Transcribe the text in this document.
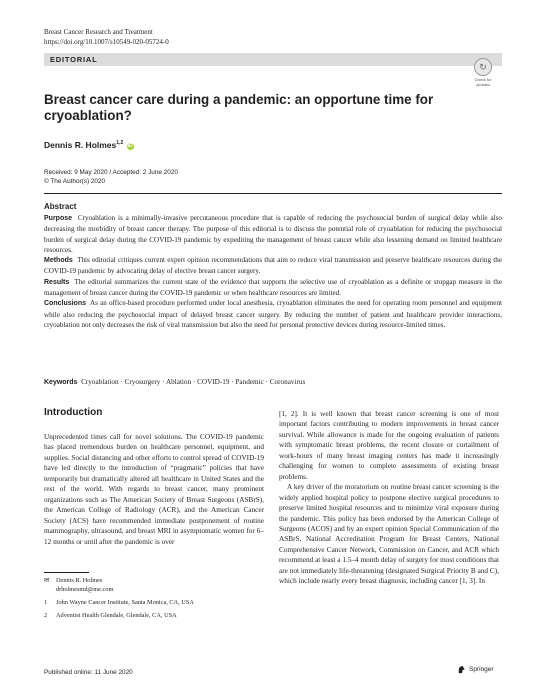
Breast Cancer Research and Treatment
https://doi.org/10.1007/s10549-020-05724-0
EDITORIAL
↻
Check for
updates
Breast cancer care during a pandemic: an opportune time for cryoablation?
Dennis R. Holmes$^{1,2}$ iD
Received: 9 May 2020 / Accepted: 2 June 2020
© The Author(s) 2020
Abstract

Purpose Cryoablation is a minimally-invasive percutaneous procedure that is capable of reducing the psychosocial burden of surgical delay while also decreasing the morbidity of breast cancer therapy. The purpose of this editorial is to discuss the potential role of cryoablation for reducing the psychosocial burden of surgical delay during the COVID-19 pandemic by expediting the management of breast cancer while also lessening demand on limited healthcare resources.

Methods This editorial critiques current expert opinion recommendations that aim to reduce viral transmission and preserve healthcare resources during the COVID-19 pandemic by advocating delay of elective breast cancer surgery.

Results The editorial summarizes the current state of the evidence that supports the selective use of cryoablation as a definite or stopgap measure in the management of breast cancer during the COVID-19 pandemic or when healthcare resources are limited.

Conclusions As an office-based procedure performed under local anesthesia, cryoablation eliminates the need for operating room personnel and equipment while also reducing the psychosocial impact of delayed breast cancer surgery. By reducing the number of patient and healthcare provider interactions, cryoablation not only decreases the risk of viral transmission but also the need for personal protective devices during resource-limited times.

Keywords Cryoablation · Cryosurgery · Ablation · COVID-19 · Pandemic · Coronavirus
Introduction

Unprecedented times call for novel solutions. The COVID-19 pandemic has placed tremendous burden on healthcare personnel, equipment, and supplies. Social distancing and other efforts to control spread of COVID-19 have led directly to the introduction of “pragmatic” policies that have temporarily but dramatically altered all healthcare in United States and the rest of the world. With regards to breast cancer, many prominent organizations such as The American Society of Breast Surgeons (ASBrS), the American College of Radiology (ACR), and the American Cancer Society (ACS) have recommended immediate postponement of routine mammography, ultrasound, and breast MRI in asymptomatic women for 6–12 months or until after the pandemic is over

[1, 2]. It is well known that breast cancer screening is one of most important factors contributing to modern improvements in breast cancer survival. While allowance is made for the ongoing evaluation of patients with symptomatic breast problems, the recent closure or curtailment of work-hours of many breast imaging centers has made it increasingly challenging for women to complete assessments of existing breast problems.

A key driver of the moratorium on routine breast cancer screening is the widely applied hospital policy to postpone elective surgical procedures to preserve limited hospital resources and to minimize viral exposure during the pandemic. This policy has been endorsed by the American College of Surgeons (ACOS) and by an expert opinion Special Communication of the ASBrS, National Accreditation Program for Breast Centers, National Comprehensive Cancer Network, Commission on Cancer, and ACR which recommend at least a 1.5–4 month delay of surgery for most conditions that are not immediately life-threatening (designated Surgical Priority B and C), which include nearly every breast diagnosis, including cancer [1, 3]. In

✉ Dennis R. Holmes
drholmesmd@me.com
1 John Wayne Cancer Institute, Santa Monica, CA, USA
2 Adventist Health Glendale, Glendale, CA, USA
Published online: 11 June 2020	Springer
